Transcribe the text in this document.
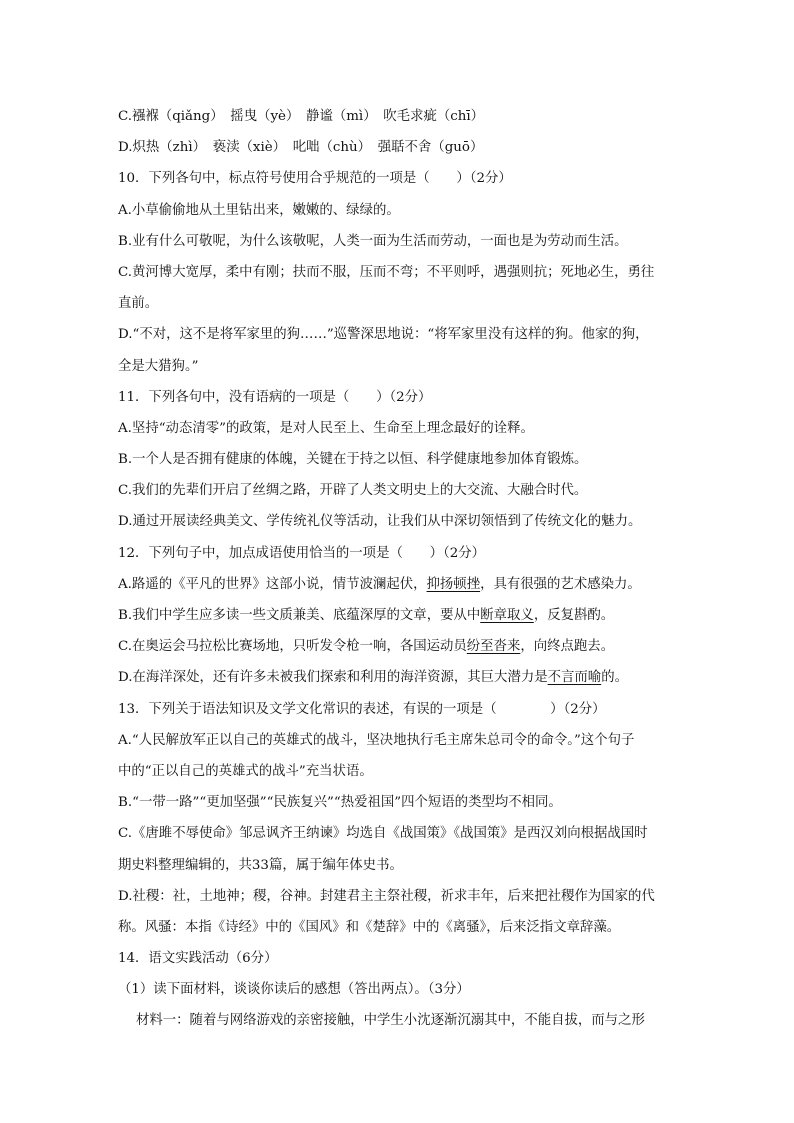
C.襁褓（qiǎng）　摇曳（yè）　静谧（mì）　吹毛求疵（chī）
D.炽热（zhì）　亵渎（xiè）　叱咄（chù）　强聒不舍（guō）
10．下列各句中，标点符号使用合乎规范的一项是（　　）（2分）
A.小草偷偷地从土里钻出来，嫩嫩的、绿绿的。
B.业有什么可敬呢，为什么该敬呢，人类一面为生活而劳动，一面也是为劳动而生活。
C.黄河博大宽厚，柔中有刚；扶而不服，压而不弯；不平则呼，遇强则抗；死地必生，勇往
直前。
D.“不对，这不是将军家里的狗……”巡警深思地说：“将军家里没有这样的狗。他家的狗，
全是大猎狗。”
11．下列各句中，没有语病的一项是（　　）（2分）
A.坚持“动态清零”的政策，是对人民至上、生命至上理念最好的诠释。
B.一个人是否拥有健康的体魄，关键在于持之以恒、科学健康地参加体育锻炼。
C.我们的先辈们开启了丝绸之路，开辟了人类文明史上的大交流、大融合时代。
D.通过开展读经典美文、学传统礼仪等活动，让我们从中深切领悟到了传统文化的魅力。
12．下列句子中，加点成语使用恰当的一项是（　　）（2分）
A.路遥的《平凡的世界》这部小说，情节波澜起伏，抑扬顿挫，具有很强的艺术感染力。
B.我们中学生应多读一些文质兼美、底蕴深厚的文章，要从中断章取义，反复斟酌。
C.在奥运会马拉松比赛场地，只听发令枪一响，各国运动员纷至沓来，向终点跑去。
D.在海洋深处，还有许多未被我们探索和利用的海洋资源，其巨大潜力是不言而喻的。
13．下列关于语法知识及文学文化常识的表述，有误的一项是（　　　　）（2分）
A.“人民解放军正以自己的英雄式的战斗，坚决地执行毛主席朱总司令的命令。”这个句子
中的“正以自己的英雄式的战斗”充当状语。
B.“一带一路”“更加坚强”“民族复兴”“热爱祖国”四个短语的类型均不相同。
C.《唐雎不辱使命》邹忌讽齐王纳谏》均选自《战国策》《战国策》是西汉刘向根据战国时
期史料整理编辑的，共33篇，属于编年体史书。
D.社稷：社，土地神；稷，谷神。封建君主主祭社稷，祈求丰年，后来把社稷作为国家的代
称。风骚：本指《诗经》中的《国风》和《楚辞》中的《离骚》，后来泛指文章辞藻。
14．语文实践活动（6分）
（1）读下面材料，谈谈你读后的感想（答出两点）。（3分）
材料一：随着与网络游戏的亲密接触，中学生小沈逐渐沉溺其中，不能自拔，而与之形
